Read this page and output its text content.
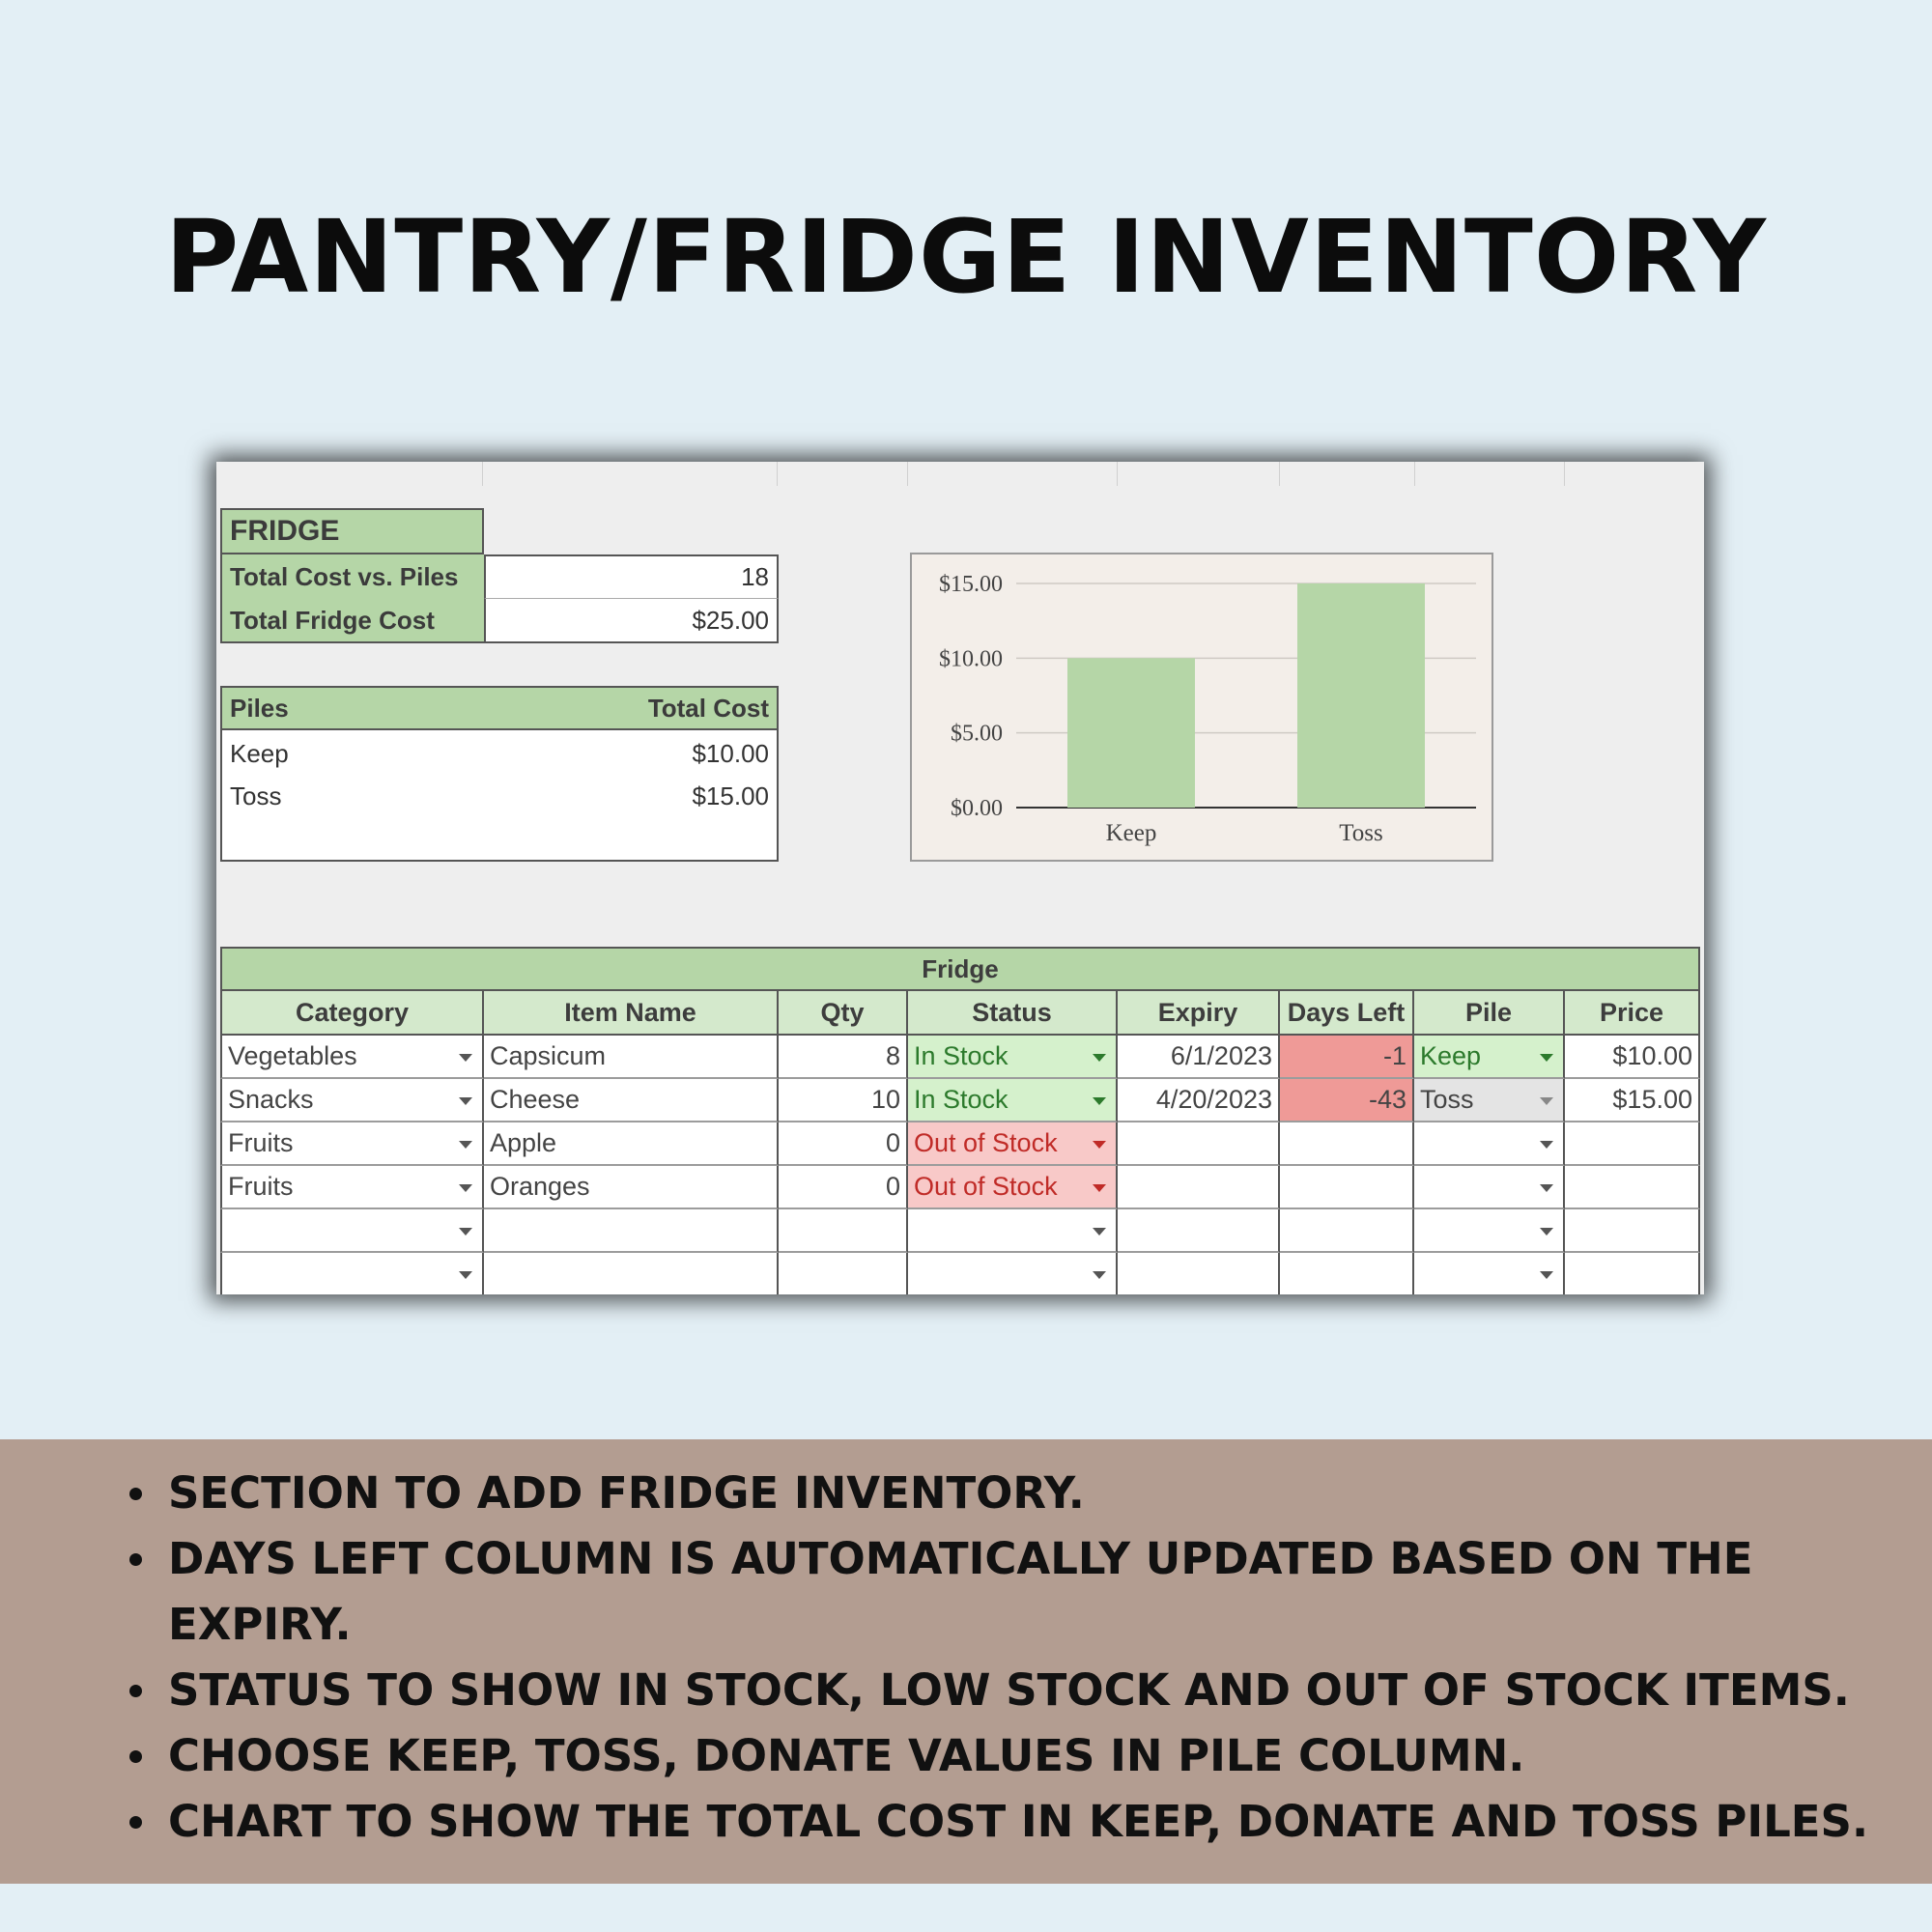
PANTRY/FRIDGE INVENTORY
FRIDGE
Total Cost vs. Piles	18
Total Fridge Cost	$25.00
Piles	Total Cost
Keep	$10.00
Toss	$15.00	$0.00
$5.00
$10.00
$15.00
Keep	Toss
Fridge
Category	Item Name	Qty	Status	Expiry	Days Left	Pile	Price
Vegetables	Capsicum	8 In Stock	6/1/2023	-1 Keep	$10.00
Snacks	Cheese	10 In Stock	4/20/2023	-43 Toss	$15.00
Fruits	Apple	0 Out of Stock
Fruits	Oranges	0 Out of Stock
SECTION TO ADD FRIDGE INVENTORY.
DAYS LEFT COLUMN IS AUTOMATICALLY UPDATED BASED ON THE EXPIRY.
STATUS TO SHOW IN STOCK, LOW STOCK AND OUT OF STOCK ITEMS.
CHOOSE KEEP, TOSS, DONATE VALUES IN PILE COLUMN.
CHART TO SHOW THE TOTAL COST IN KEEP, DONATE AND TOSS PILES.
